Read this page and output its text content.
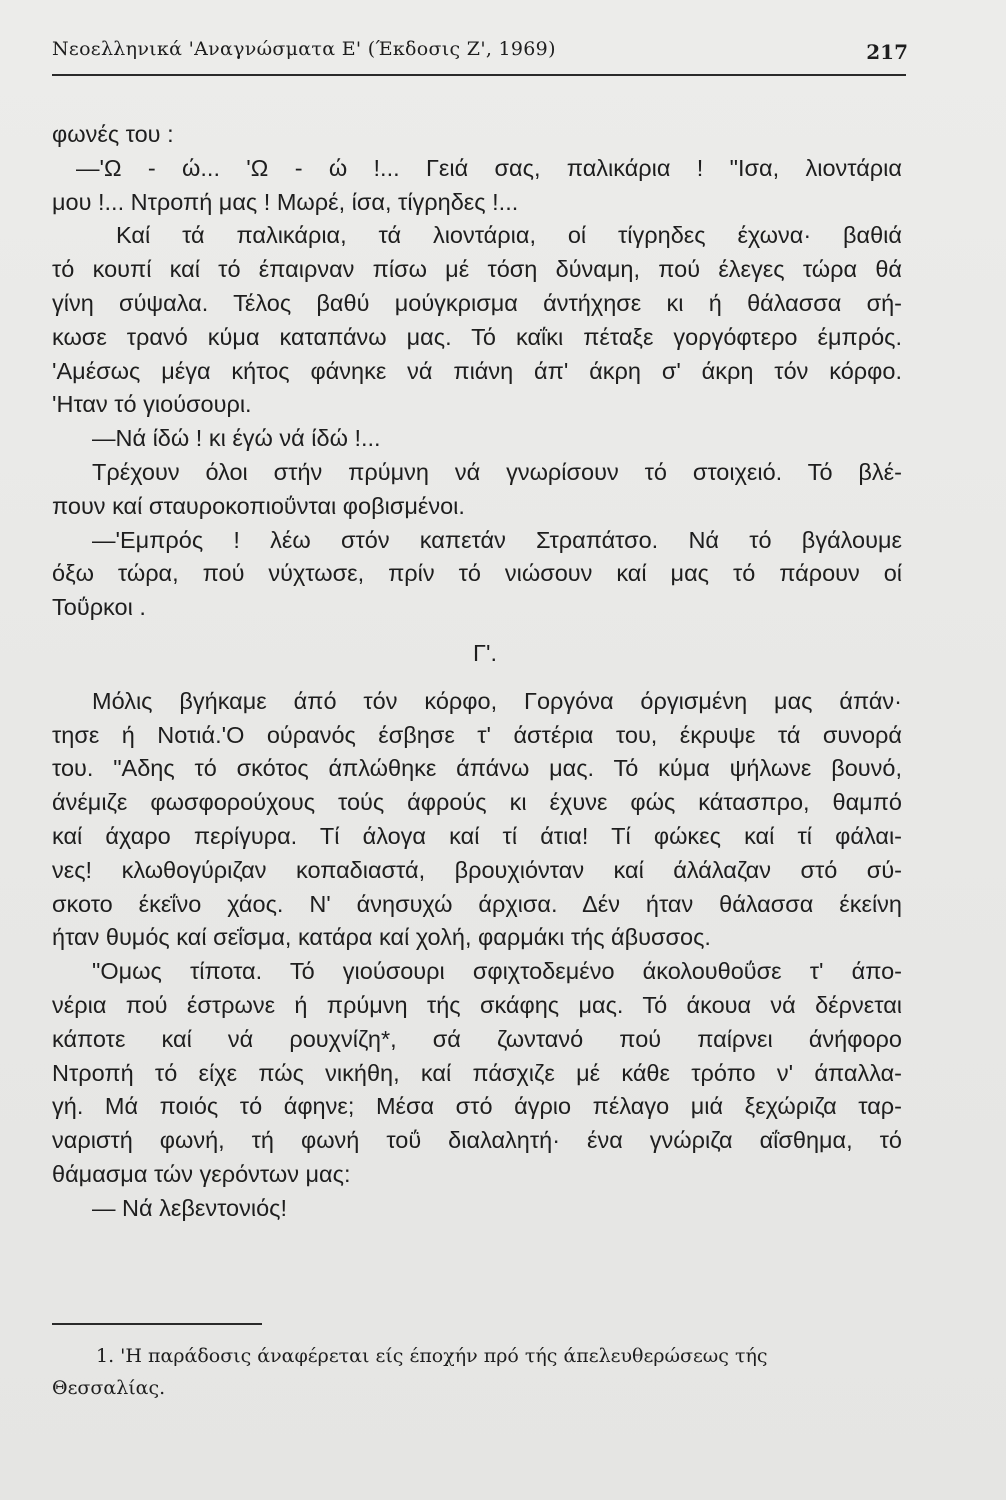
Νεοελληνικά 'Αναγνώσματα Ε' (Έκδοσις Ζ', 1969)	217
φωνές του :
—'Ω - ώ... 'Ω - ώ !... Γειά σας, παλικάρια ! "Ισα, λιοντάρια
μου !... Ντροπή μας ! Μωρέ, ίσα, τίγρηδες !...
Καί τά παλικάρια, τά λιοντάρια, οί τίγρηδες έχωνα· βαθιά
τό κουπί καί τό έπαιρναν πίσω μέ τόση δύναμη, πού έλεγες τώρα θά
γίνη σύψαλα. Τέλος βαθύ μούγκρισμα άντήχησε κι ή θάλασσα σή-
κωσε τρανό κύμα καταπάνω μας. Τό καΐκι πέταξε γοργόφτερο έμπρός.
'Αμέσως μέγα κήτος φάνηκε νά πιάνη άπ' άκρη σ' άκρη τόν κόρφο.
'Ηταν τό γιούσουρι.
—Νά ίδώ ! κι έγώ νά ίδώ !...
Τρέχουν όλοι στήν πρύμνη νά γνωρίσουν τό στοιχειό. Τό βλέ-
πουν καί σταυροκοπιοΰνται φοβισμένοι.
—'Εμπρός ! λέω στόν καπετάν Στραπάτσο. Νά τό βγάλουμε
όξω τώρα, πού νύχτωσε, πρίν τό νιώσουν καί μας τό πάρουν οί
Τοΰρκοι .
Γ'.
Μόλις βγήκαμε άπό τόν κόρφο, Γοργόνα όργισμένη μας άπάν·
τησε ή Νοτιά.'Ο ούρανός έσβησε τ' άστέρια του, έκρυψε τά συνορά
του. "Αδης τό σκότος άπλώθηκε άπάνω μας. Τό κύμα ψήλωνε βουνό,
άνέμιζε φωσφορούχους τούς άφρούς κι έχυνε φώς κάτασπρο, θαμπό
καί άχαρο περίγυρα. Τί άλογα καί τί άτια! Τί φώκες καί τί φάλαι-
νες! κλωθογύριζαν κοπαδιαστά, βρουχιόνταν καί άλάλαζαν στό σύ-
σκοτο έκεΐνο χάος. Ν' άνησυχώ άρχισα. Δέν ήταν θάλασσα έκείνη
ήταν θυμός καί σεΐσμα, κατάρα καί χολή, φαρμάκι τής άβυσσος.
"Ομως τίποτα. Τό γιούσουρι σφιχτοδεμένο άκολουθοΰσε τ' άπο-
νέρια πού έστρωνε ή πρύμνη τής σκάφης μας. Τό άκουα νά δέρνεται
κάποτε καί νά ρουχνίζη*, σά ζωντανό πού παίρνει άνήφορο
Ντροπή τό είχε πώς νικήθη, καί πάσχιζε μέ κάθε τρόπο ν' άπαλλα-
γή. Μά ποιός τό άφηνε; Μέσα στό άγριο πέλαγο μιά ξεχώριζα ταρ-
ναριστή φωνή, τή φωνή τοΰ διαλαλητή· ένα γνώριζα αΐσθημα, τό
θάμασμα τών γερόντων μας:
— Νά λεβεντονιός!
1. 'Η παράδοσις άναφέρεται είς έποχήν πρό τής άπελευθερώσεως τής
Θεσσαλίας.
